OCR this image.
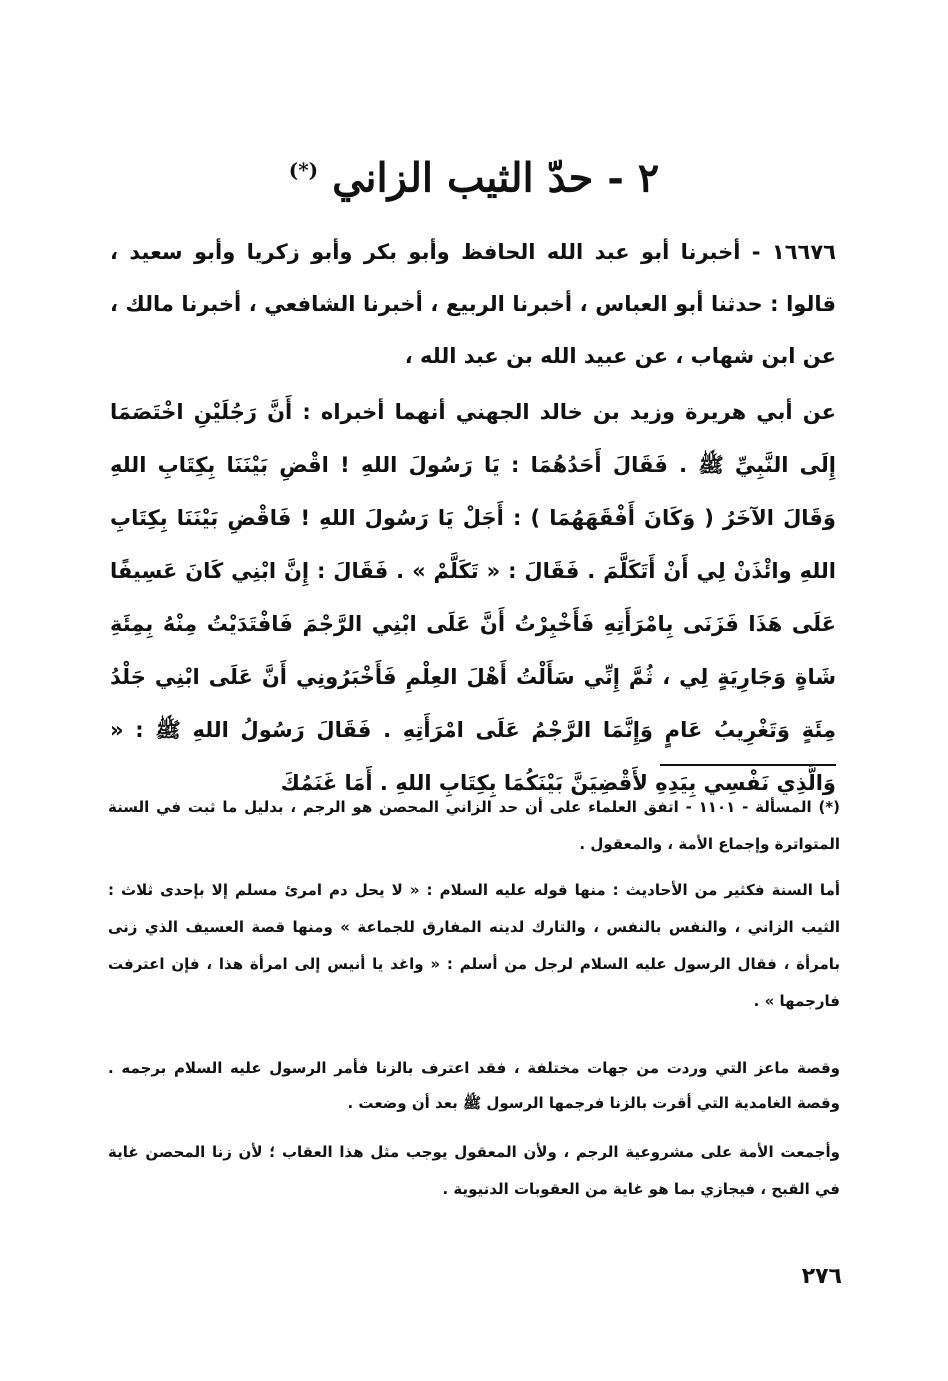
٢ - حدّ الثيب الزاني (*)

١٦٦٧٦ - أخبرنا أبو عبد الله الحافظ وأبو بكر وأبو زكريا وأبو سعيد ، قالوا : حدثنا أبو العباس ، أخبرنا الربيع ، أخبرنا الشافعي ، أخبرنا مالك ، عن ابن شهاب ، عن عبيد الله بن عبد الله ،

عن أبي هريرة وزيد بن خالد الجهني أنهما أخبراه : أَنَّ رَجُلَيْنِ اخْتَصَمَا إِلَى النَّبِيِّ ﷺ . فَقَالَ أَحَدُهُمَا : يَا رَسُولَ اللهِ ! اقْضِ بَيْنَنَا بِكِتَابِ اللهِ وَقَالَ الآخَرُ ( وَكَانَ أَفْقَهَهُمَا ) : أَجَلْ يَا رَسُولَ اللهِ ! فَاقْضِ بَيْنَنَا بِكِتَابِ اللهِ وائْذَنْ لِي أَنْ أَتَكَلَّمَ . فَقَالَ : « تَكَلَّمْ » . فَقَالَ : إِنَّ ابْنِي كَانَ عَسِيفًا عَلَى هَذَا فَزَنَى بِامْرَأَتِهِ فَأَخْبِرْتُ أَنَّ عَلَى ابْنِي الرَّجْمَ فَافْتَدَيْتُ مِنْهُ بِمِئَةِ شَاةٍ وَجَارِيَةٍ لِي ، ثُمَّ إِنِّي سَأَلْتُ أَهْلَ العِلْمِ فَأَخْبَرُونِي أَنَّ عَلَى ابْنِي جَلْدُ مِئَةٍ وَتَغْرِيبُ عَامٍ وَإِنَّمَا الرَّجْمُ عَلَى امْرَأَتِهِ . فَقَالَ رَسُولُ اللهِ ﷺ : « وَالَّذِي نَفْسِي بِيَدِهِ لأَقْضِيَنَّ بَيْنَكُمَا بِكِتَابِ اللهِ . أَمَا غَنَمُكَ

(*) المسألة - ١١٠١ - اتفق العلماء على أن حد الزاني المحصن هو الرجم ، بدليل ما ثبت في السنة المتواترة وإجماع الأمة ، والمعقول .

أما السنة فكثير من الأحاديث : منها قوله عليه السلام : « لا يحل دم امرئ مسلم إلا بإحدى ثلاث : الثيب الزاني ، والنفس بالنفس ، والتارك لدينه المفارق للجماعة » ومنها قصة العسيف الذي زنى بامرأة ، فقال الرسول عليه السلام لرجل من أسلم : « واغد يا أنيس إلى امرأة هذا ، فإن اعترفت فارجمها » .

وقصة ماعز التي وردت من جهات مختلفة ، فقد اعترف بالزنا فأمر الرسول عليه السلام برجمه . وقصة الغامدية التي أقرت بالزنا فرجمها الرسول ﷺ بعد أن وضعت .

وأجمعت الأمة على مشروعية الرجم ، ولأن المعقول يوجب مثل هذا العقاب ؛ لأن زنا المحصن غاية في القبح ، فيجازي بما هو غاية من العقوبات الدنيوية .

٢٧٦
